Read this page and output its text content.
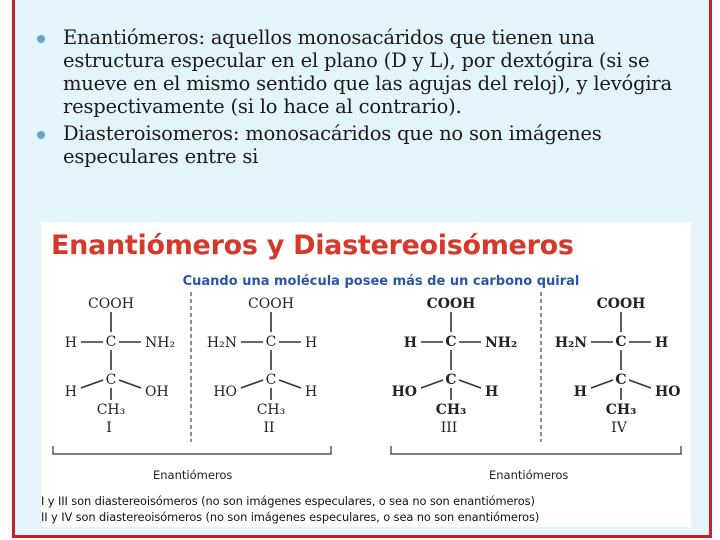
Enantiómeros: aquellos monosacáridos que tienen una estructura especular en el plano (D y L), por dextógira (si se mueve en el mismo sentido que las agujas del reloj), y levógira respectivamente (si lo hace al contrario).
Diasteroisomeros: monosacáridos que no son imágenes especulares entre si
Enantiómeros y Diastereoisómeros
Cuando una molécula posee más de un carbono quiral
COOH
C
H	NH₂
C
H	OH
CH₃
I
COOH
C
H₂N	H
C
HO	H
CH₃
II
COOH
C
H	NH₂
C
HO	H
CH₃
III
COOH
C
H₂N	H
C
H	HO
CH₃
IV
Enantiómeros	Enantiómeros
I y III son diastereoisómeros (no son imágenes especulares, o sea no son enantiómeros)
II y IV son diastereoisómeros (no son imágenes especulares, o sea no son enantiómeros)
